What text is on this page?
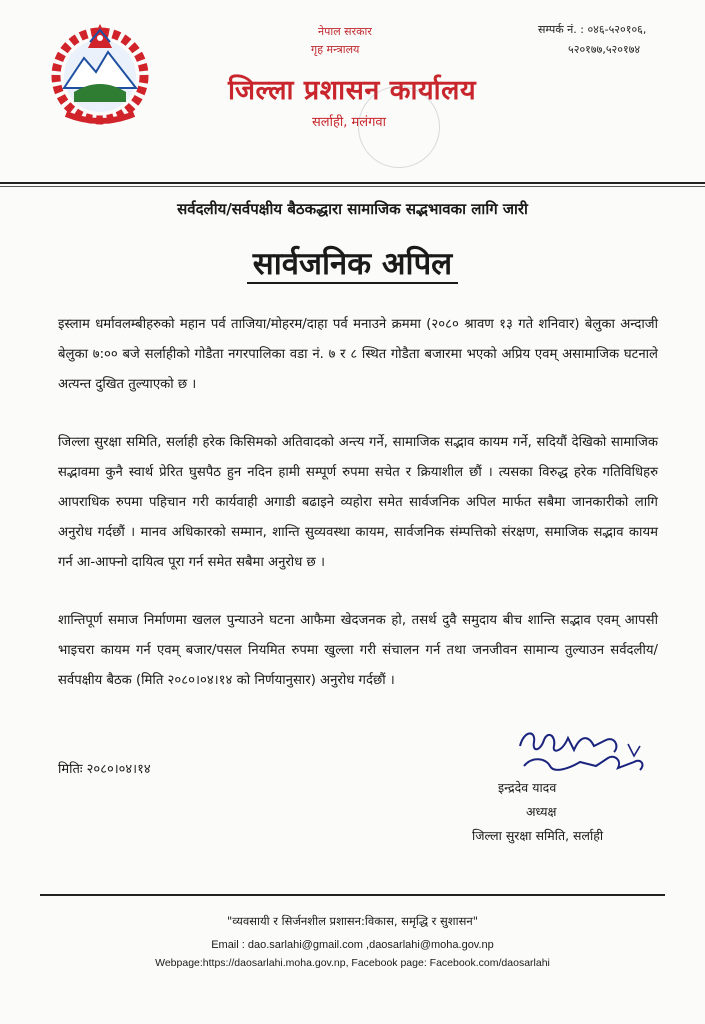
नेपाल सरकार
गृह मन्त्रालय
जिल्ला प्रशासन कार्यालय
सर्लाही, मलंगवा
सम्पर्क नं. : ०४६-५२०१०६,
५२०१७७,५२०१७४
सर्वदलीय/सर्वपक्षीय बैठकद्धारा सामाजिक सद्भभावका लागि जारी
सार्वजनिक अपिल
इस्लाम धर्मावलम्बीहरुको महान पर्व ताजिया/मोहरम/दाहा पर्व मनाउने क्रममा (२०८० श्रावण १३ गते शनिवार) बेलुका अन्दाजी बेलुका ७:०० बजे सर्लाहीको गोडैता नगरपालिका वडा नं. ७ र ८ स्थित गोडैता बजारमा भएको अप्रिय एवम् असामाजिक घटनाले अत्यन्त दुखित तुल्याएको छ ।
जिल्ला सुरक्षा समिति, सर्लाही हरेक किसिमको अतिवादको अन्त्य गर्ने, सामाजिक सद्भाव कायम गर्ने, सदियौं देखिको सामाजिक सद्भावमा कुनै स्वार्थ प्रेरित घुसपैठ हुन नदिन हामी सम्पूर्ण रुपमा सचेत र क्रियाशील छौं । त्यसका विरुद्ध हरेक गतिविधिहरु आपराधिक रुपमा पहिचान गरी कार्यवाही अगाडी बढाइने व्यहोरा समेत सार्वजनिक अपिल मार्फत सबैमा जानकारीको लागि अनुरोध गर्दछौं । मानव अधिकारको सम्मान, शान्ति सुव्यवस्था कायम, सार्वजनिक संम्पत्तिको संरक्षण, समाजिक सद्भाव कायम गर्न आ-आफ्नो दायित्व पूरा गर्न समेत सबैमा अनुरोध छ ।
शान्तिपूर्ण समाज निर्माणमा खलल पुन्याउने घटना आफैमा खेदजनक हो, तसर्थ दुवै समुदाय बीच शान्ति सद्भाव एवम् आपसी भाइचरा कायम गर्न एवम् बजार/पसल नियमित रुपमा खुल्ला गरी संचालन गर्न तथा जनजीवन सामान्य तुल्याउन सर्वदलीय/सर्वपक्षीय बैठक (मिति २०८०।०४।१४ को निर्णयानुसार) अनुरोध गर्दछौं ।
मितिः २०८०।०४।१४
इन्द्रदेव यादव
अध्यक्ष
जिल्ला सुरक्षा समिति, सर्लाही
"व्यवसायी र सिर्जनशील प्रशासन:विकास, समृद्धि र सुशासन"
Email : dao.sarlahi@gmail.com ,daosarlahi@moha.gov.np
Webpage:https://daosarlahi.moha.gov.np, Facebook page: Facebook.com/daosarlahi
